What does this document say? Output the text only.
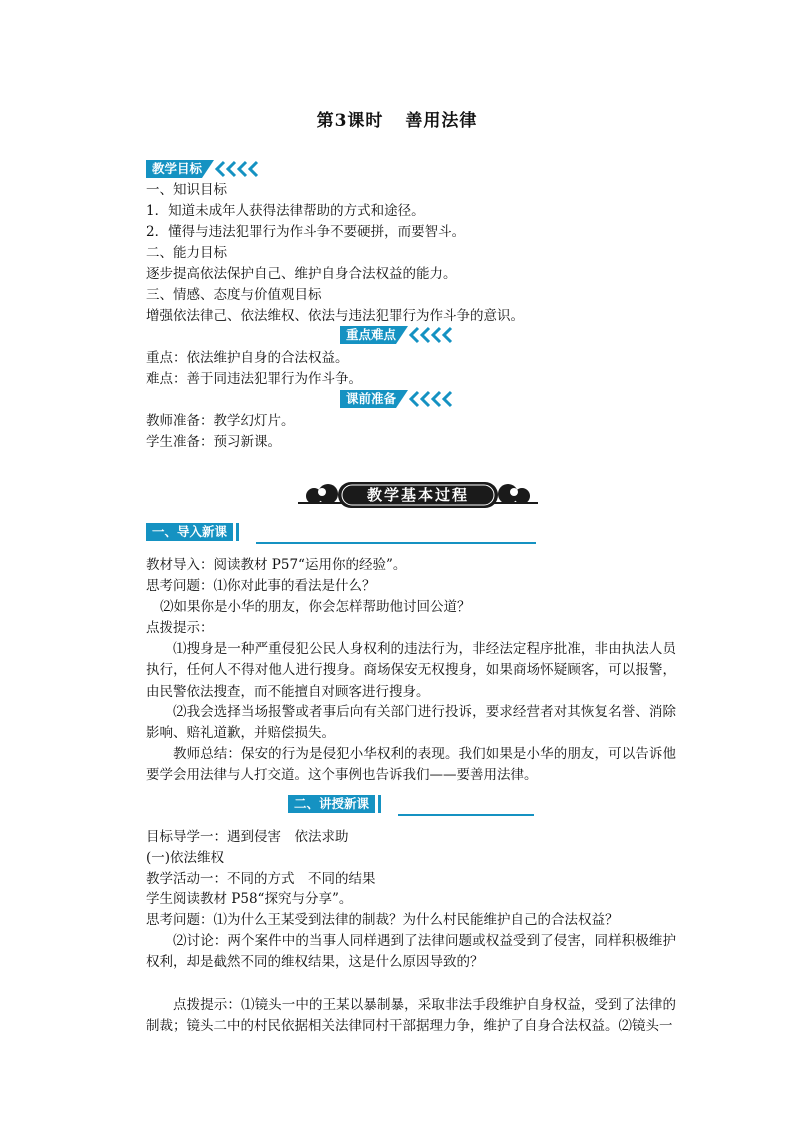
第3课时 善用法律
教学目标
一、知识目标
1．知道未成年人获得法律帮助的方式和途径。
2．懂得与违法犯罪行为作斗争不要硬拼，而要智斗。
二、能力目标
逐步提高依法保护自己、维护自身合法权益的能力。
三、情感、态度与价值观目标
增强依法律己、依法维权、依法与违法犯罪行为作斗争的意识。
重点难点
重点：依法维护自身的合法权益。
难点：善于同违法犯罪行为作斗争。
课前准备
教师准备：教学幻灯片。
学生准备：预习新课。
教学基本过程
一、导入新课
教材导入：阅读教材 P57“运用你的经验”。
思考问题：⑴你对此事的看法是什么？
⑵如果你是小华的朋友，你会怎样帮助他讨回公道？
点拨提示：
⑴搜身是一种严重侵犯公民人身权利的违法行为，非经法定程序批准，非由执法人员执行，任何人不得对他人进行搜身。商场保安无权搜身，如果商场怀疑顾客，可以报警，由民警依法搜查，而不能擅自对顾客进行搜身。
⑵我会选择当场报警或者事后向有关部门进行投诉，要求经营者对其恢复名誉、消除影响、赔礼道歉，并赔偿损失。
教师总结：保安的行为是侵犯小华权利的表现。我们如果是小华的朋友，可以告诉他要学会用法律与人打交道。这个事例也告诉我们——要善用法律。
二、讲授新课
目标导学一：遇到侵害　依法求助
(一)依法维权
教学活动一：不同的方式　不同的结果
学生阅读教材 P58“探究与分享”。
思考问题：⑴为什么王某受到法律的制裁？为什么村民能维护自己的合法权益？
⑵讨论：两个案件中的当事人同样遇到了法律问题或权益受到了侵害，同样积极维护权利，却是截然不同的维权结果，这是什么原因导致的？
点拨提示：⑴镜头一中的王某以暴制暴，采取非法手段维护自身权益，受到了法律的制裁；镜头二中的村民依据相关法律同村干部据理力争，维护了自身合法权益。⑵镜头一
